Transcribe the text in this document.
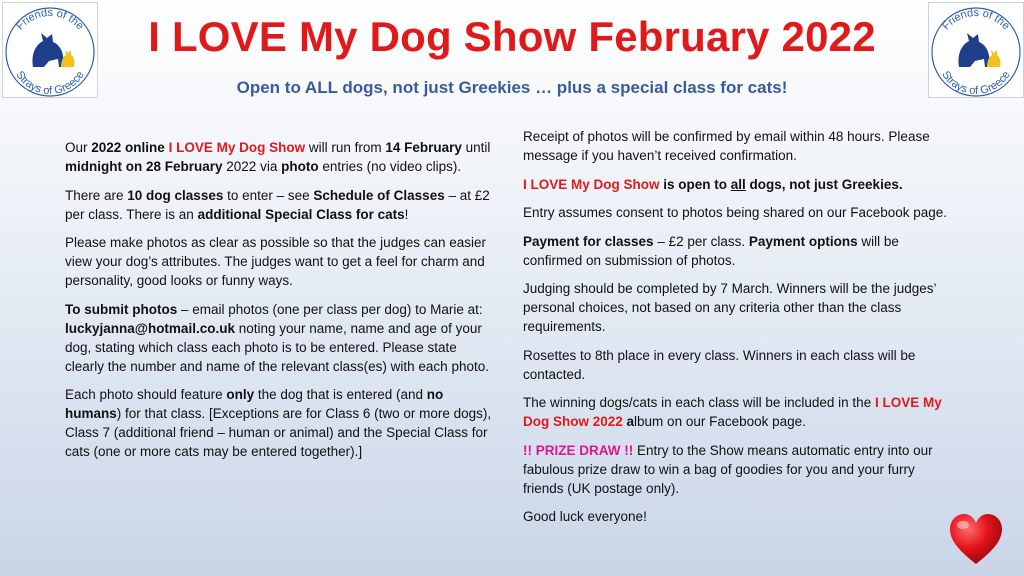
Friends of the
Strays of Greece
Friends of the
Strays of Greece
I LOVE My Dog Show February 2022
Open to ALL dogs, not just Greekies … plus a special class for cats!

Our 2022 online I LOVE My Dog Show will run from 14 February until midnight on 28 February 2022 via photo entries (no video clips).

There are 10 dog classes to enter – see Schedule of Classes – at £2 per class. There is an additional Special Class for cats!

Please make photos as clear as possible so that the judges can easier view your dog’s attributes. The judges want to get a feel for charm and personality, good looks or funny ways.

To submit photos – email photos (one per class per dog) to Marie at: luckyjanna@hotmail.co.uk noting your name, name and age of your dog, stating which class each photo is to be entered. Please state clearly the number and name of the relevant class(es) with each photo.

Each photo should feature only the dog that is entered (and no humans) for that class. [Exceptions are for Class 6 (two or more dogs), Class 7 (additional friend – human or animal) and the Special Class for cats (one or more cats may be entered together).]

Receipt of photos will be confirmed by email within 48 hours. Please message if you haven’t received confirmation.

I LOVE My Dog Show is open to all dogs, not just Greekies.

Entry assumes consent to photos being shared on our Facebook page.

Payment for classes – £2 per class. Payment options will be confirmed on submission of photos.

Judging should be completed by 7 March. Winners will be the judges’ personal choices, not based on any criteria other than the class requirements.

Rosettes to 8th place in every class. Winners in each class will be contacted.

The winning dogs/cats in each class will be included in the I LOVE My Dog Show 2022 album on our Facebook page.

!! PRIZE DRAW !! Entry to the Show means automatic entry into our fabulous prize draw to win a bag of goodies for you and your furry friends (UK postage only).

Good luck everyone!
